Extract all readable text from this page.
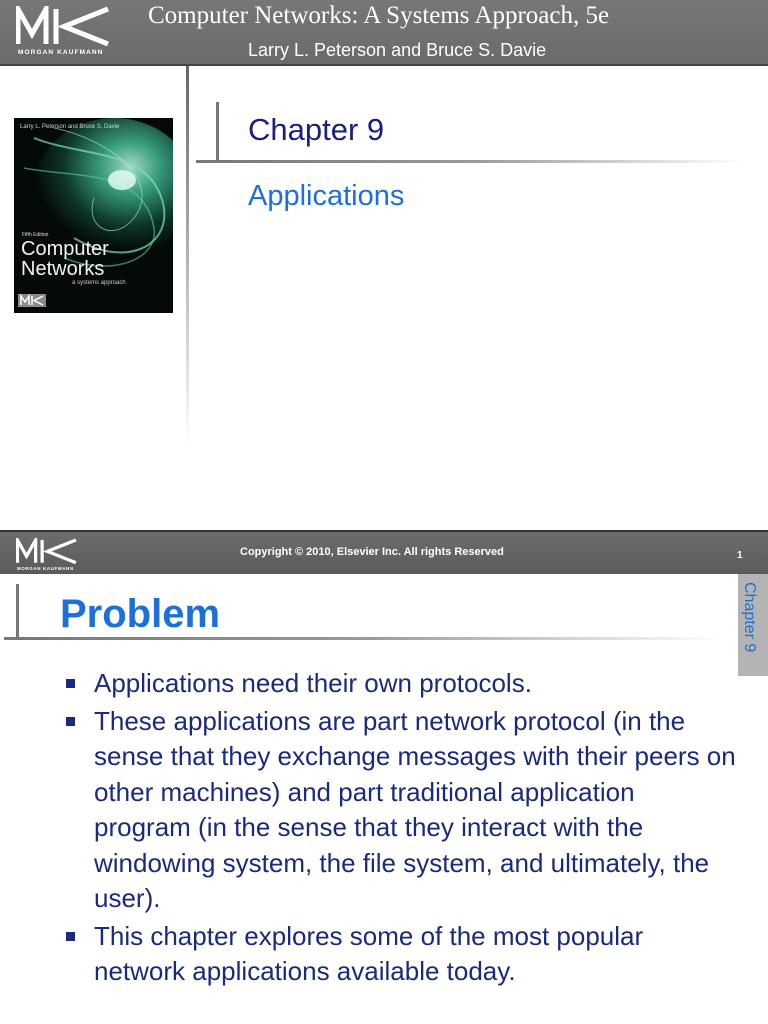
MORGAN KAUFMANN
Computer Networks: A Systems Approach, 5e
Larry L. Peterson and Bruce S. Davie
Larry L. Peterson and Bruce S. Davie
Fifth Edition
Computer
Networks
a systems approach
Chapter 9
Applications
MORGAN KAUFMANN
Copyright © 2010, Elsevier Inc. All rights Reserved	1
Problem	Chapter 9
Applications need their own protocols.
These applications are part network protocol (in the sense that they exchange messages with their peers on other machines) and part traditional application program (in the sense that they interact with the windowing system, the file system, and ultimately, the user).
This chapter explores some of the most popular network applications available today.
